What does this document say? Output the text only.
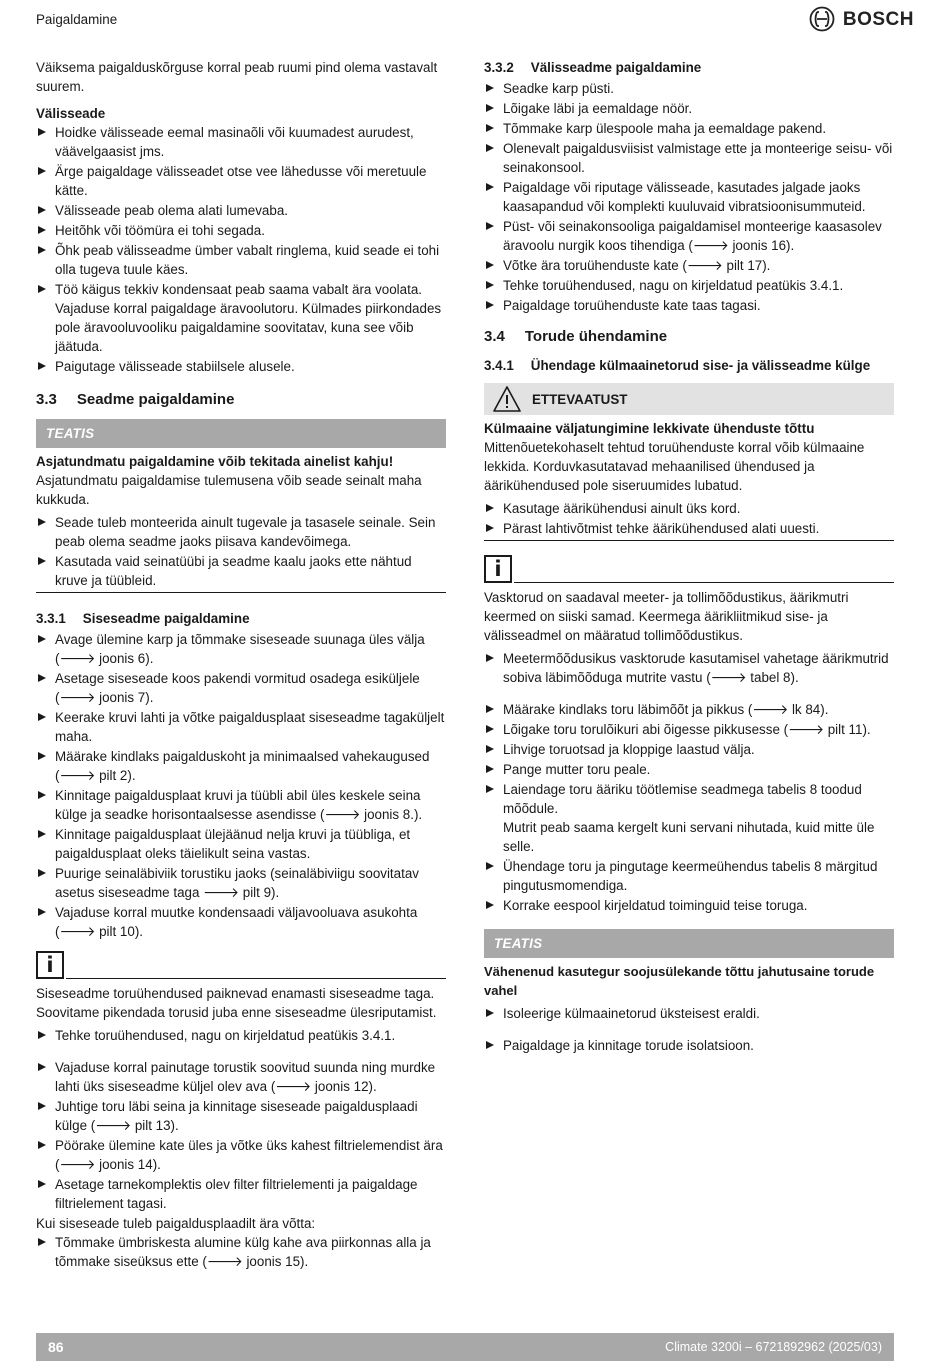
Paigaldamine	BOSCH

Väiksema paigalduskõrguse korral peab ruumi pind olema vastavalt suurem.

Välisseade

Hoidke välisseade eemal masinaõli või kuumadest aurudest, väävelgaasist jms.
Ärge paigaldage välisseadet otse vee lähedusse või meretuule kätte.
Välisseade peab olema alati lumevaba.
Heitõhk või töömüra ei tohi segada.
Õhk peab välisseadme ümber vabalt ringlema, kuid seade ei tohi olla tugeva tuule käes.
Töö käigus tekkiv kondensaat peab saama vabalt ära voolata. Vajaduse korral paigaldage äravoolutoru. Külmades piirkondades pole äravooluvooliku paigaldamine soovitatav, kuna see võib jäätuda.
Paigutage välisseade stabiilsele alusele.
3.3 Seadme paigaldamine
TEATIS

Asjatundmatu paigaldamine võib tekitada ainelist kahju!

Asjatundmatu paigaldamise tulemusena võib seade seinalt maha kukkuda.

Seade tuleb monteerida ainult tugevale ja tasasele seinale. Sein peab olema seadme jaoks piisava kandevõimega.
Kasutada vaid seinatüübi ja seadme kaalu jaoks ette nähtud kruve ja tüübleid.
3.3.1 Siseseadme paigaldamine
Avage ülemine karp ja tõmmake siseseade suunaga üles välja (🡒 joonis 6).
Asetage siseseade koos pakendi vormitud osadega esiküljele (🡒 joonis 7).
Keerake kruvi lahti ja võtke paigaldusplaat siseseadme tagaküljelt maha.
Määrake kindlaks paigalduskoht ja minimaalsed vahekaugused (🡒 pilt 2).
Kinnitage paigaldusplaat kruvi ja tüübli abil üles keskele seina külge ja seadke horisontaalsesse asendisse (🡒 joonis 8.).
Kinnitage paigaldusplaat ülejäänud nelja kruvi ja tüübliga, et paigaldusplaat oleks täielikult seina vastas.
Puurige seinaläbiviik torustiku jaoks (seinaläbiviigu soovitatav asetus siseseadme taga 🡒 pilt 9).
Vajaduse korral muutke kondensaadi väljavooluava asukohta (🡒 pilt 10).
i

Siseseadme toruühendused paiknevad enamasti siseseadme taga. Soovitame pikendada torusid juba enne siseseadme ülesriputamist.

Tehke toruühendused, nagu on kirjeldatud peatükis 3.4.1.
Vajaduse korral painutage torustik soovitud suunda ning murdke lahti üks siseseadme küljel olev ava (🡒 joonis 12).
Juhtige toru läbi seina ja kinnitage siseseade paigaldusplaadi külge (🡒 pilt 13).
Pöörake ülemine kate üles ja võtke üks kahest filtrielemendist ära (🡒 joonis 14).
Asetage tarnekomplektis olev filter filtrielementi ja paigaldage filtrielement tagasi.

Kui siseseade tuleb paigaldusplaadilt ära võtta:

Tõmmake ümbriskesta alumine külg kahe ava piirkonnas alla ja tõmmake siseüksus ette (🡒 joonis 15).
3.3.2 Välisseadme paigaldamine
Seadke karp püsti.
Lõigake läbi ja eemaldage nöör.
Tõmmake karp ülespoole maha ja eemaldage pakend.
Olenevalt paigaldusviisist valmistage ette ja monteerige seisu- või seinakonsool.
Paigaldage või riputage välisseade, kasutades jalgade jaoks kaasapandud või komplekti kuuluvaid vibratsioonisummuteid.
Püst- või seinakonsooliga paigaldamisel monteerige kaasasolev äravoolu nurgik koos tihendiga (🡒 joonis 16).
Võtke ära toruühenduste kate (🡒 pilt 17).
Tehke toruühendused, nagu on kirjeldatud peatükis 3.4.1.
Paigaldage toruühenduste kate taas tagasi.
3.4 Torude ühendamine
3.4.1 Ühendage külmaainetorud sise- ja välisseadme külge
ETTEVAATUST

Külmaaine väljatungimine lekkivate ühenduste tõttu

Mittenõuetekohaselt tehtud toruühenduste korral võib külmaaine lekkida. Korduvkasutatavad mehaanilised ühendused ja äärikühendused pole siseruumides lubatud.

Kasutage äärikühendusi ainult üks kord.
Pärast lahtivõtmist tehke äärikühendused alati uuesti.
i

Vasktorud on saadaval meeter- ja tollimõõdustikus, äärikmutri keermed on siiski samad. Keermega äärikliitmikud sise- ja välisseadmel on määratud tollimõõdustikus.

Meetermõõdusikus vasktorude kasutamisel vahetage äärikmutrid sobiva läbimõõduga mutrite vastu (🡒 tabel 8).
Määrake kindlaks toru läbimõõt ja pikkus (🡒 lk 84).
Lõigake toru torulõikuri abi õigesse pikkusesse (🡒 pilt 11).
Lihvige toruotsad ja kloppige laastud välja.
Pange mutter toru peale.
Laiendage toru ääriku töötlemise seadmega tabelis 8 toodud mõõdule.
Mutrit peab saama kergelt kuni servani nihutada, kuid mitte üle selle.
Ühendage toru ja pingutage keermeühendus tabelis 8 märgitud pingutusmomendiga.
Korrake eespool kirjeldatud toiminguid teise toruga.
TEATIS

Vähenenud kasutegur soojusülekande tõttu jahutusaine torude vahel

Isoleerige külmaainetorud üksteisest eraldi.
Paigaldage ja kinnitage torude isolatsioon.
86	Climate 3200i – 6721892962 (2025/03)
